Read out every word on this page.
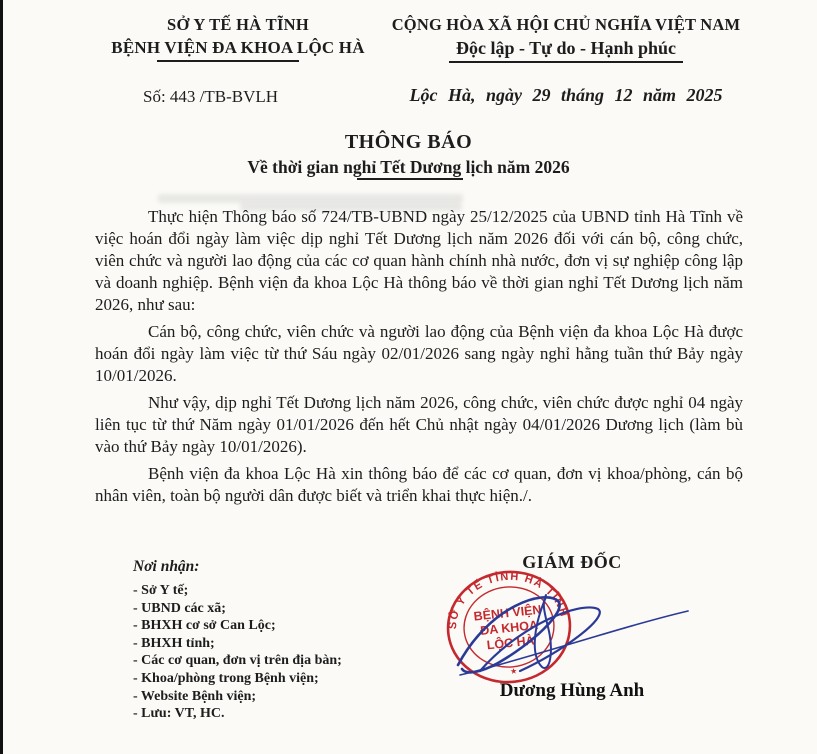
SỞ Y TẾ HÀ TĨNH
BỆNH VIỆN ĐA KHOA LỘC HÀ
CỘNG HÒA XÃ HỘI CHỦ NGHĨA VIỆT NAM
Độc lập - Tự do - Hạnh phúc
Số: 443 /TB-BVLH	Lộc Hà, ngày 29 tháng 12 năm 2025
THÔNG BÁO
Về thời gian nghỉ Tết Dương lịch năm 2026

Thực hiện Thông báo số 724/TB-UBND ngày 25/12/2025 của UBND tỉnh Hà Tĩnh về việc hoán đổi ngày làm việc dịp nghỉ Tết Dương lịch năm 2026 đối với cán bộ, công chức, viên chức và người lao động của các cơ quan hành chính nhà nước, đơn vị sự nghiệp công lập và doanh nghiệp. Bệnh viện đa khoa Lộc Hà thông báo về thời gian nghỉ Tết Dương lịch năm 2026, như sau:

Cán bộ, công chức, viên chức và người lao động của Bệnh viện đa khoa Lộc Hà được hoán đổi ngày làm việc từ thứ Sáu ngày 02/01/2026 sang ngày nghỉ hằng tuần thứ Bảy ngày 10/01/2026.

Như vậy, dịp nghỉ Tết Dương lịch năm 2026, công chức, viên chức được nghỉ 04 ngày liên tục từ thứ Năm ngày 01/01/2026 đến hết Chủ nhật ngày 04/01/2026 Dương lịch (làm bù vào thứ Bảy ngày 10/01/2026).

Bệnh viện đa khoa Lộc Hà xin thông báo để các cơ quan, đơn vị khoa/phòng, cán bộ nhân viên, toàn bộ người dân được biết và triển khai thực hiện./.

Nơi nhận:
- Sở Y tế;
- UBND các xã;
- BHXH cơ sở Can Lộc;
- BHXH tỉnh;
- Các cơ quan, đơn vị trên địa bàn;
- Khoa/phòng trong Bệnh viện;
- Website Bệnh viện;
- Lưu: VT, HC.
GIÁM ĐỐC
SỞ Y TẾ TỈNH HÀ TĨNH
BỆNH VIỆN
ĐA KHOA
LỘC HÀ
★
Dương Hùng Anh
